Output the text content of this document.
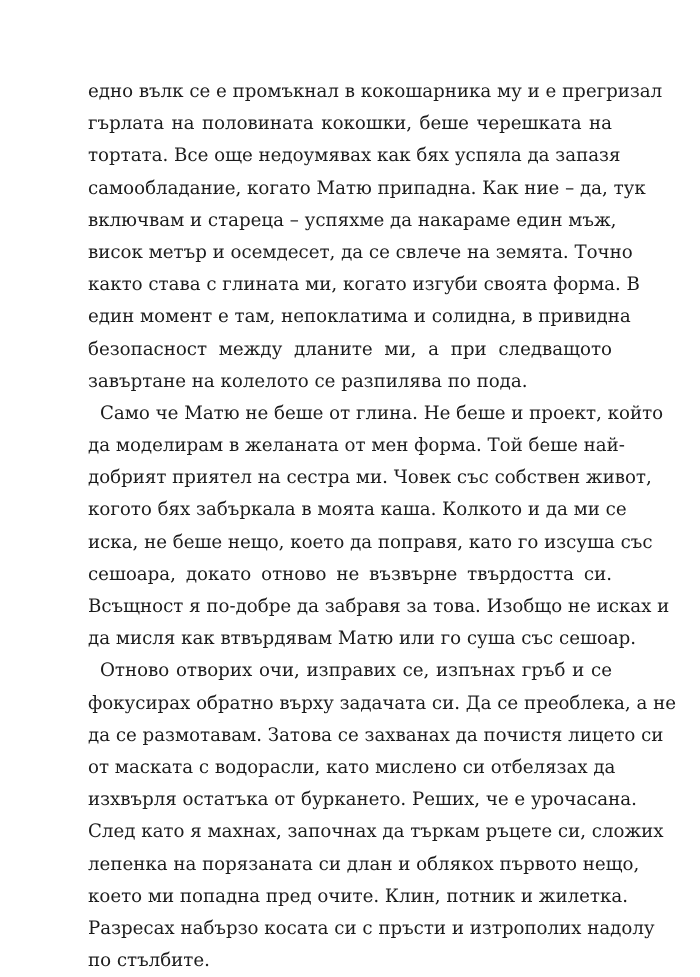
едно вълк се е промъкнал в кокошарника му и е прегризал
гърлата на половината кокошки, беше черешката на
тортата. Все още недоумявах как бях успяла да запазя
самообладание, когато Матю припадна. Как ние – да, тук
включвам и стареца – успяхме да накараме един мъж,
висок метър и осемдесет, да се свлече на земята. Точно
както става с глината ми, когато изгуби своята форма. В
един момент е там, непоклатима и солидна, в привидна
безопасност между дланите ми, а при следващото
завъртане на колелото се разпилява по пода.
Само че Матю не беше от глина. Не беше и проект, който
да моделирам в желаната от мен форма. Той беше най-
добрият приятел на сестра ми. Човек със собствен живот,
когото бях забъркала в моята каша. Колкото и да ми се
иска, не беше нещо, което да поправя, като го изсуша със
сешоара, докато отново не възвърне твърдостта си.
Всъщност я по-добре да забравя за това. Изобщо не исках и
да мисля как втвърдявам Матю или го суша със сешоар.
Отново отворих очи, изправих се, изпънах гръб и се
фокусирах обратно върху задачата си. Да се преоблека, а не
да се размотавам. Затова се захванах да почистя лицето си
от маската с водорасли, като мислено си отбелязах да
изхвърля остатъка от буркането. Реших, че е урочасана.
След като я махнах, започнах да търкам ръцете си, сложих
лепенка на порязаната си длан и облякох първото нещо,
което ми попадна пред очите. Клин, потник и жилетка.
Разресах набързо косата си с пръсти и изтрополих надолу
по стълбите.
